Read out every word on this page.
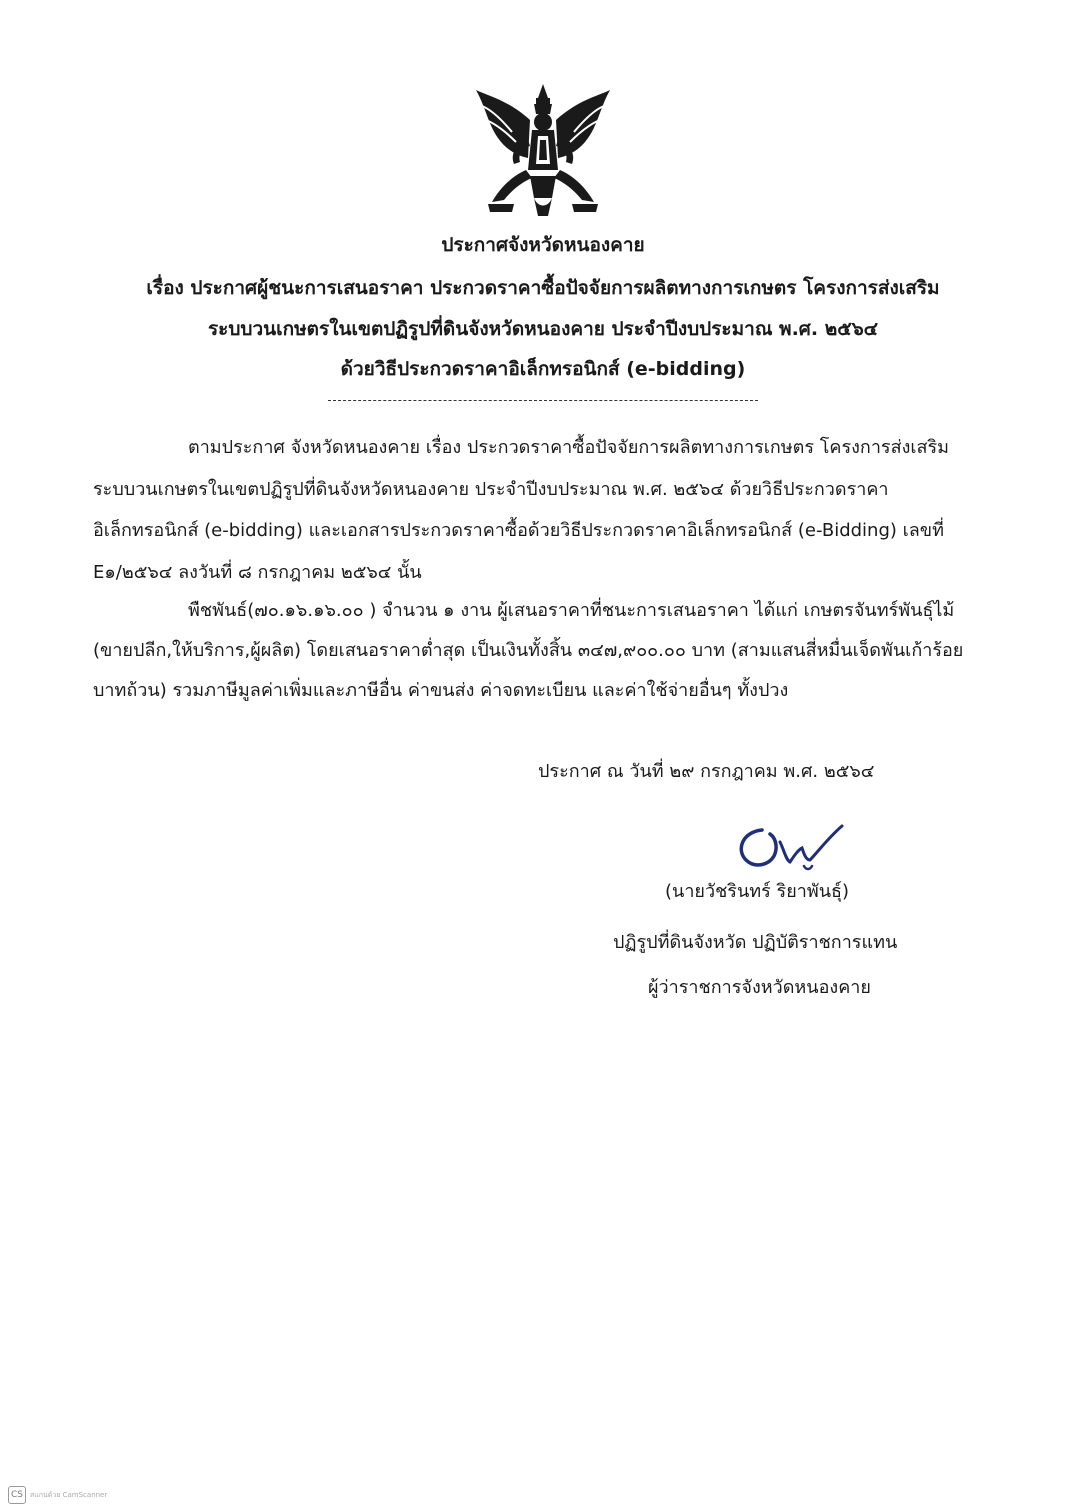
ประกาศจังหวัดหนองคาย
เรื่อง ประกาศผู้ชนะการเสนอราคา ประกวดราคาซื้อปัจจัยการผลิตทางการเกษตร โครงการส่งเสริม
ระบบวนเกษตรในเขตปฏิรูปที่ดินจังหวัดหนองคาย ประจำปีงบประมาณ พ.ศ. ๒๕๖๔
ด้วยวิธีประกวดราคาอิเล็กทรอนิกส์ (e-bidding)
ตามประกาศ จังหวัดหนองคาย เรื่อง ประกวดราคาซื้อปัจจัยการผลิตทางการเกษตร โครงการส่งเสริม
ระบบวนเกษตรในเขตปฏิรูปที่ดินจังหวัดหนองคาย ประจำปีงบประมาณ พ.ศ. ๒๕๖๔ ด้วยวิธีประกวดราคา
อิเล็กทรอนิกส์ (e-bidding) และเอกสารประกวดราคาซื้อด้วยวิธีประกวดราคาอิเล็กทรอนิกส์ (e-Bidding) เลขที่
E๑/๒๕๖๔ ลงวันที่ ๘ กรกฎาคม ๒๕๖๔ นั้น
พืชพันธ์(๗๐.๑๖.๑๖.๐๐ ) จำนวน ๑ งาน ผู้เสนอราคาที่ชนะการเสนอราคา ได้แก่ เกษตรจันทร์พันธุ์ไม้
(ขายปลีก,ให้บริการ,ผู้ผลิต) โดยเสนอราคาต่ำสุด เป็นเงินทั้งสิ้น ๓๔๗,๙๐๐.๐๐ บาท (สามแสนสี่หมื่นเจ็ดพันเก้าร้อย
บาทถ้วน) รวมภาษีมูลค่าเพิ่มและภาษีอื่น ค่าขนส่ง ค่าจดทะเบียน และค่าใช้จ่ายอื่นๆ ทั้งปวง
ประกาศ ณ วันที่ ๒๙ กรกฎาคม พ.ศ. ๒๕๖๔
(นายวัชรินทร์ ริยาพันธุ์)
ปฏิรูปที่ดินจังหวัด ปฏิบัติราชการแทน
ผู้ว่าราชการจังหวัดหนองคาย
CS	สแกนด้วย CamScanner
